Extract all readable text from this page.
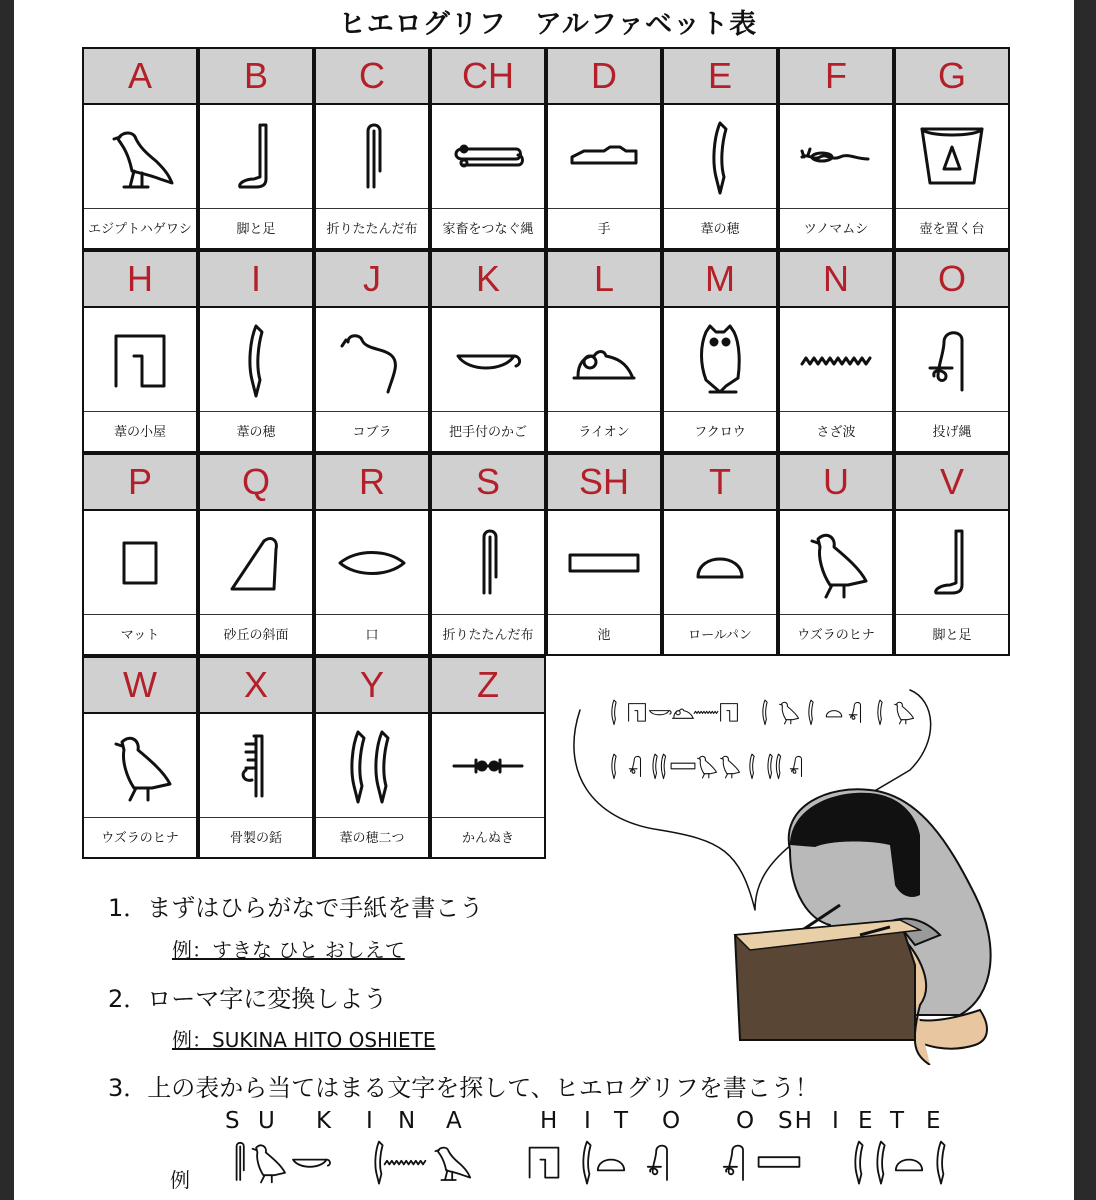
ヒエログリフ　アルファベット表
A
エジプトハゲワシ
B
脚と足
C
折りたたんだ布
CH
家畜をつなぐ縄
D
手
E
葦の穂
F
ツノマムシ
G
壺を置く台
H
葦の小屋
I
葦の穂
J
コブラ
K
把手付のかご
L
ライオン
M
フクロウ
N
さざ波
O
投げ縄
P
マット
Q
砂丘の斜面
R
口
S
折りたたんだ布
SH
池
T
ロールパン
U
ウズラのヒナ
V
脚と足
W
ウズラのヒナ
X
骨製の銛
Y
葦の穂二つ
Z
かんぬき
1．まずはひらがなで手紙を書こう
例：すきな ひと おしえて
2．ローマ字に変換しよう
例：SUKINA HITO OSHIETE
3．上の表から当てはまる文字を探して、ヒエログリフを書こう！
S U K I N A	H I T O O SH I E T E
例
